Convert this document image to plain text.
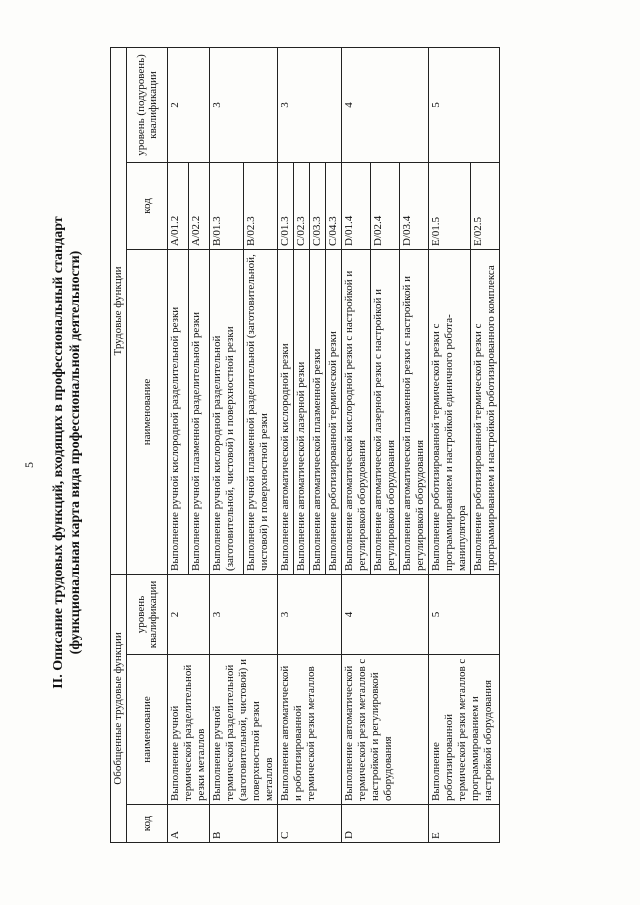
5 II. Описание трудовых функций, входящих в профессиональный стандарт (функциональная карта вида профессиональной деятельности)
Обобщенные трудовые функции			Трудовые функции		
код	наименование	уровень квалификации	наименование	код	уровень (подуровень) квалификации
A	Выполнение ручной термической разделительной резки металлов	2	Выполнение ручной кислородной разделительной резки	A/01.2	2
			Выполнение ручной плазменной разделительной резки	A/02.2	
B	Выполнение ручной термической разделительной (заготовительной, чистовой) и поверхностной резки металлов	3	Выполнение ручной кислородной разделительной (заготовительной, чистовой) и поверхностной резки	B/01.3	3
			Выполнение ручной плазменной разделительной (заготовительной, чистовой) и поверхностной резки	B/02.3	
C	Выполнение автоматической и роботизированной термической резки металлов	3	Выполнение автоматической кислородной резки	C/01.3	3
			Выполнение автоматической лазерной резки	C/02.3	
			Выполнение автоматической плазменной резки	C/03.3	
			Выполнение роботизированной термической резки	C/04.3	
D	Выполнение автоматической термической резки металлов с настройкой и регулировкой оборудования	4	Выполнение автоматической кислородной резки с настройкой и регулировкой оборудования	D/01.4	4
			Выполнение автоматической лазерной резки с настройкой и регулировкой оборудования	D/02.4	
			Выполнение автоматической плазменной резки с настройкой и регулировкой оборудования	D/03.4	
E	Выполнение роботизированной термической резки металлов с программированием и настройкой оборудования	5	Выполнение роботизированной термической резки с программированием и настройкой единичного робота-манипулятора	E/01.5	5
			Выполнение роботизированной термической резки с программированием и настройкой роботизированного комплекса	E/02.5	
